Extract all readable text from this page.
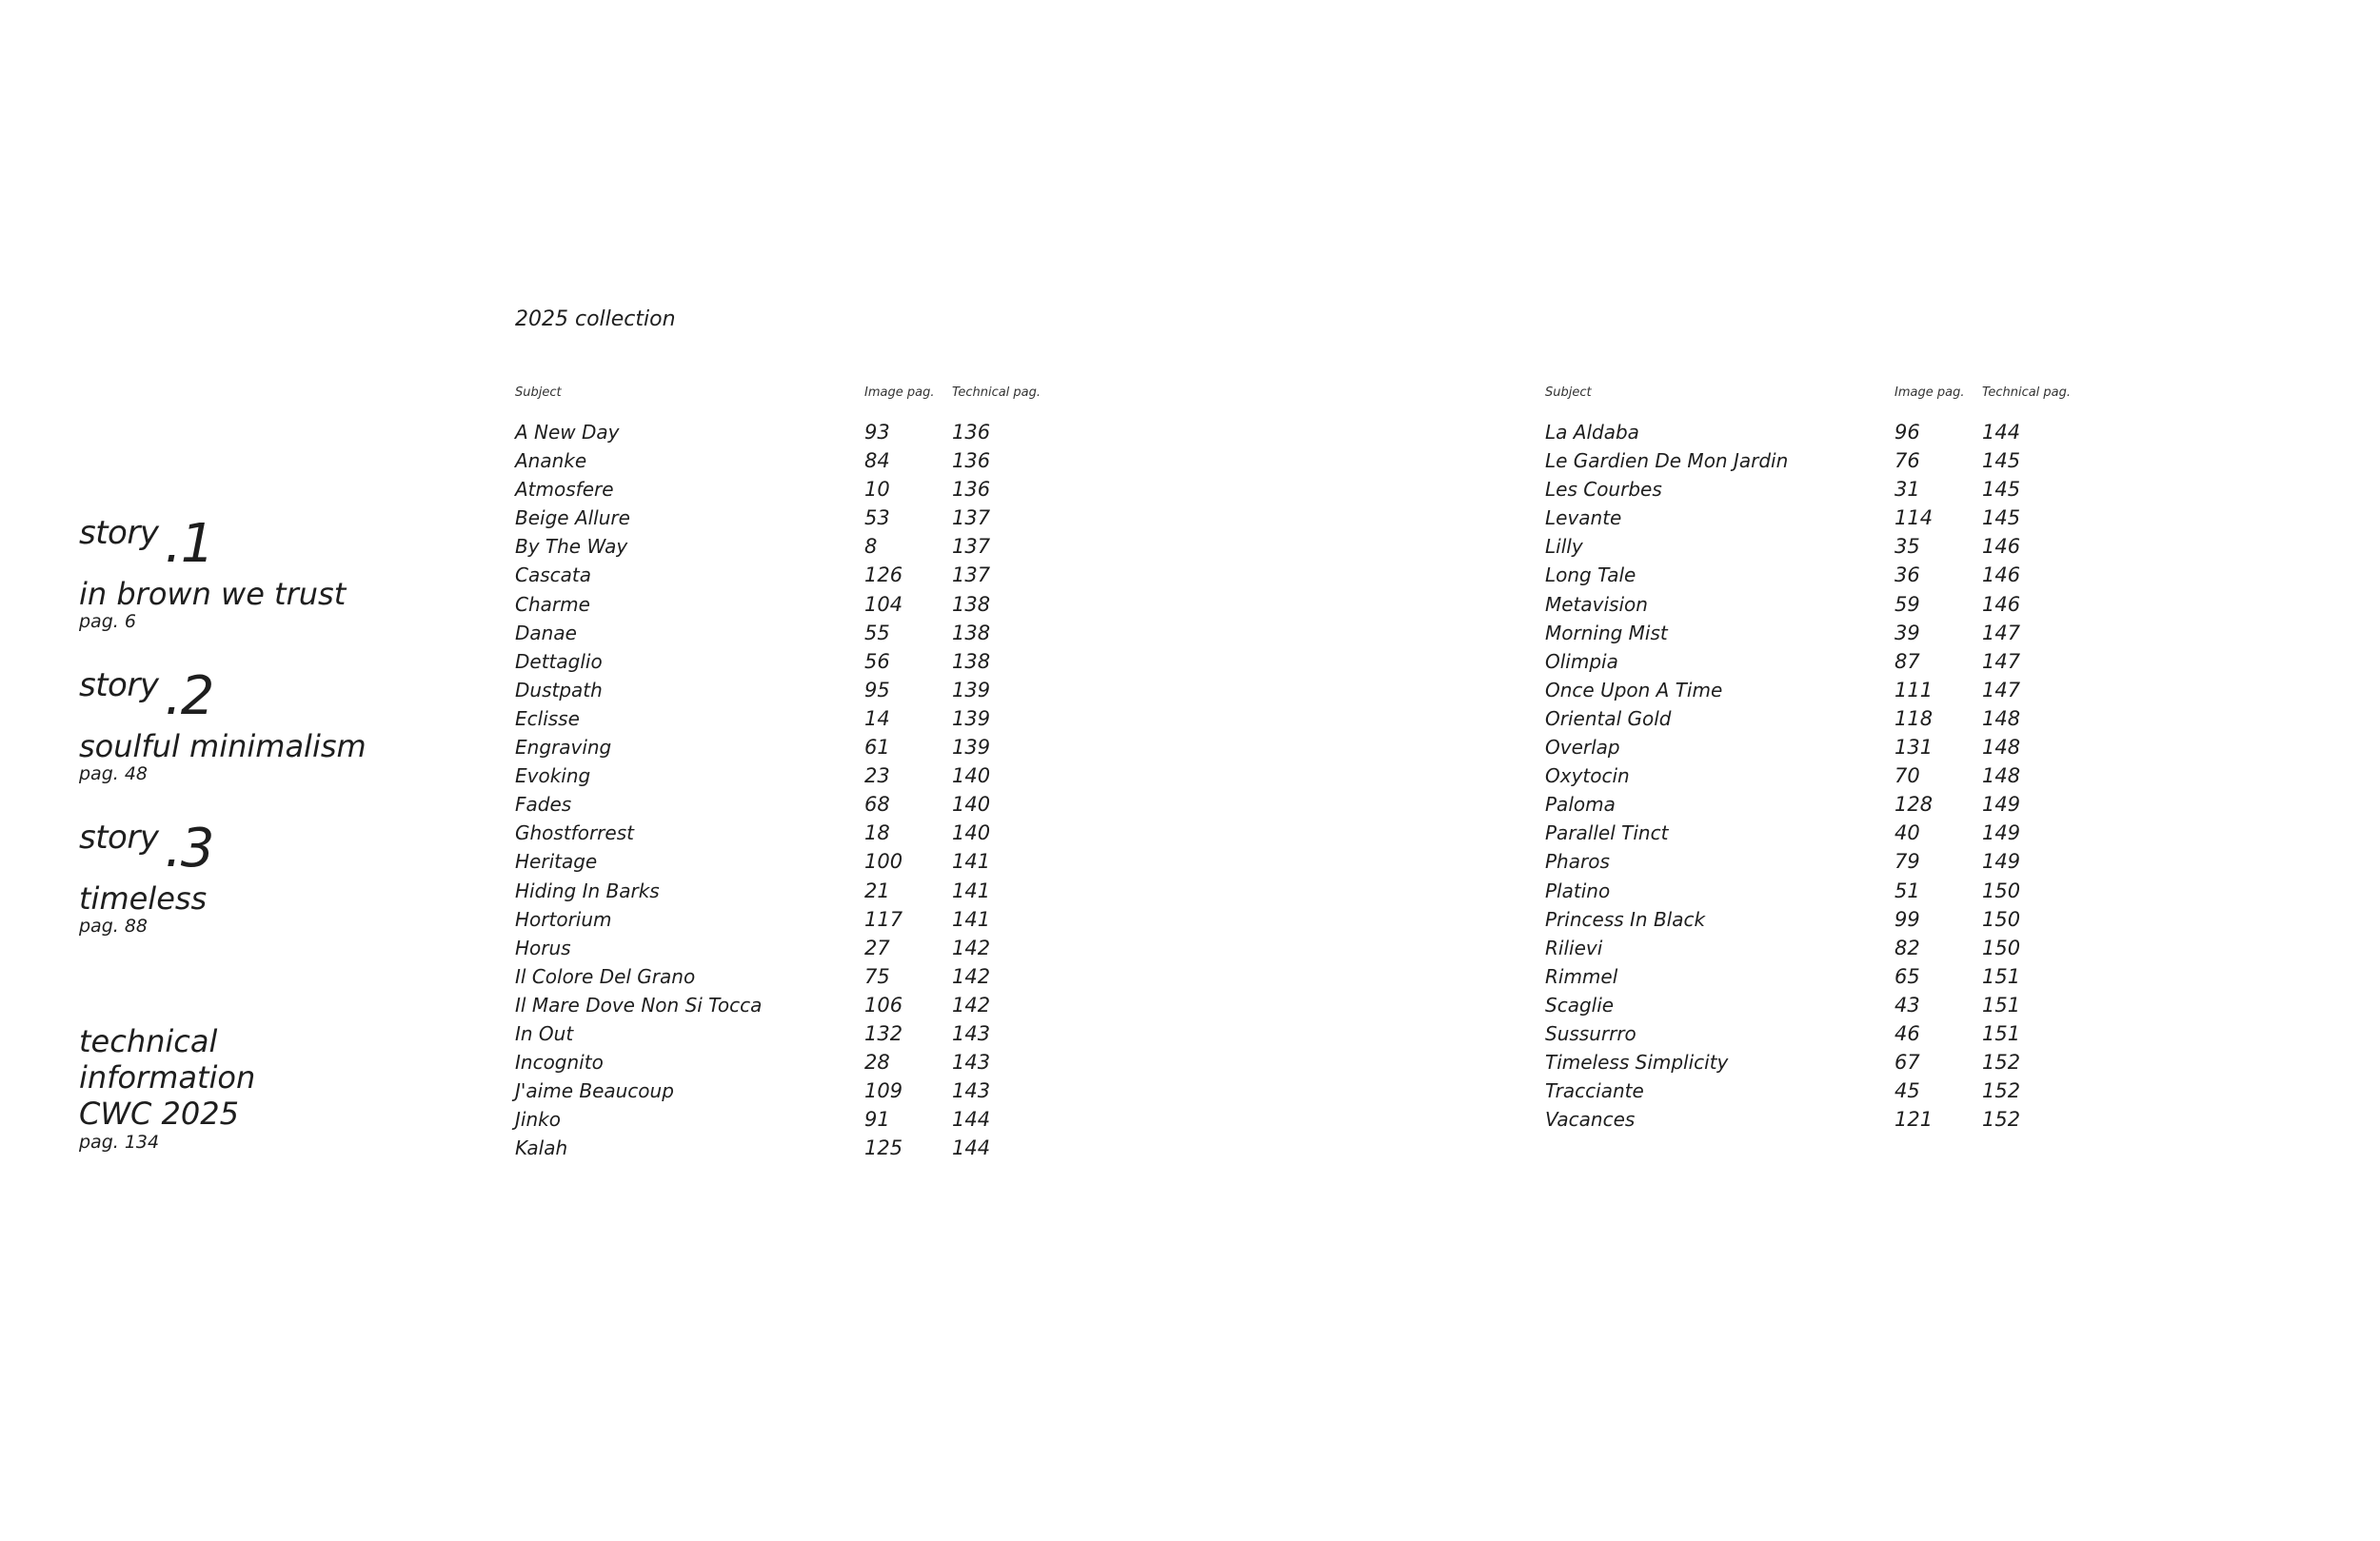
story .1
in brown we trust
pag. 6
story .2
soulful minimalism
pag. 48
story .3
timeless
pag. 88
technical
information
CWC 2025
pag. 134
2025 collection
Subject	Image pag. Technical pag.
A New Day	93	136
Ananke	84	136
Atmosfere	10	136
Beige Allure	53	137
By The Way	8	137
Cascata	126 137
Charme	104 138
Danae	55	138
Dettaglio	56	138
Dustpath	95	139
Eclisse	14	139
Engraving	61	139
Evoking	23	140
Fades	68	140
Ghostforrest	18	140
Heritage	100 141
Hiding In Barks	21	141
Hortorium	117 141
Horus	27	142
Il Colore Del Grano	75	142
Il Mare Dove Non Si Tocca	106 142
In Out	132 143
Incognito	28	143
J'aime Beaucoup	109 143
Jinko	91	144
Kalah	125 144
Subject	Image pag. Technical pag.
La Aldaba	96	144
Le Gardien De Mon Jardin	76	145
Les Courbes	31	145
Levante	114 145
Lilly	35	146
Long Tale	36	146
Metavision	59	146
Morning Mist	39	147
Olimpia	87	147
Once Upon A Time	111 147
Oriental Gold	118 148
Overlap	131 148
Oxytocin	70	148
Paloma	128 149
Parallel Tinct	40	149
Pharos	79	149
Platino	51	150
Princess In Black	99	150
Rilievi	82	150
Rimmel	65	151
Scaglie	43	151
Sussurrro	46	151
Timeless Simplicity	67	152
Tracciante	45	152
Vacances	121 152
